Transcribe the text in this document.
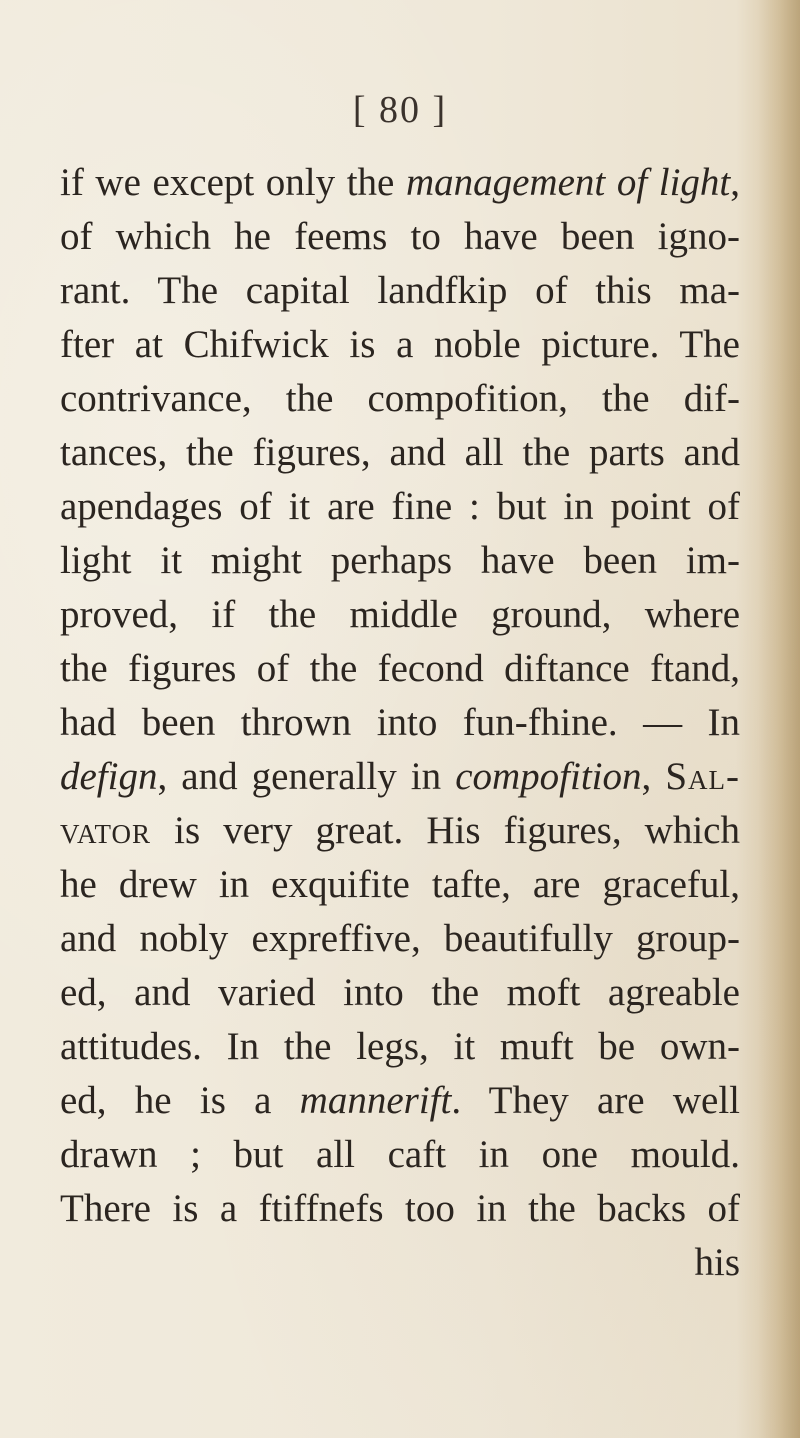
[ 80 ]
if we except only the management of light,
of which he feems to have been igno-
rant. The capital landfkip of this ma-
fter at Chifwick is a noble picture. The
contrivance, the compofition, the dif-
tances, the figures, and all the parts and
apendages of it are fine : but in point of
light it might perhaps have been im-
proved, if the middle ground, where
the figures of the fecond diftance ftand,
had been thrown into fun-fhine. — In
defign, and generally in compofition, Sal-
vator is very great. His figures, which
he drew in exquifite tafte, are graceful,
and nobly expreffive, beautifully group-
ed, and varied into the moft agreable
attitudes. In the legs, it muft be own-
ed, he is a mannerift. They are well
drawn ; but all caft in one mould.
There is a ftiffnefs too in the backs of
his
